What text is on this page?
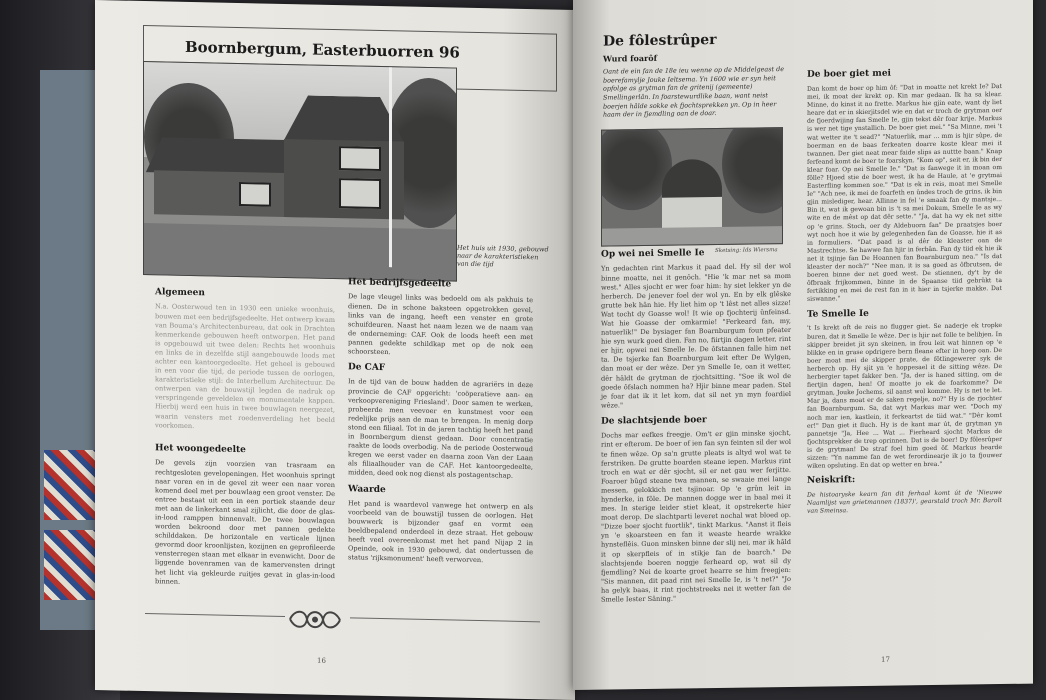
Boornbergum, Easterbuorren 96
Het huis uit 1930, gebouwd naar de karakteristieken van die tijd
Algemeen

N.a. Oosterwoud ten in 1930 een unieke woonhuis, bouwen met een bedrijfsgedeelte. Het ontwerp kwam van Bouma's Architectenbureau, dat ook in Drachten kenmerkende gebouwen heeft ontworpen. Het pand is opgebouwd uit twee delen: Rechts het woonhuis en links de in dezelfde stijl aangebouwde loods met achter een kantoorgedeelte. Het geheel is gebouwd in een voor die tijd, de periode tussen de oorlogen, karakteristieke stijl: de Interbellum Architectuur. De ontwerpen van de bouwstijl legden de nadruk op verspringende geveldelen en monumentale kappen. Hierbij werd een huis in twee bouwlagen neergezet, waarin vensters met roedenverdeling het beeld voorkomen.

Het woongedeelte

De gevels zijn voorzien van trasraam en rechtgesloten gevelopeningen. Het woonhuis springt naar voren en in de gevel zit weer een naar voren komend deel met per bouwlaag een groot venster. De entree bestaat uit een in een portiek staande deur met aan de linkerkant smal zijlicht, die door de glas-in-lood ramppen binnenvalt. De twee bouwlagen worden bekroond door met pannen gedekte schilddaken. De horizontale en verticale lijnen gevormd door kroonlijsten, kozijnen en geprofileerde vensterregen staan met elkaar in evenwicht. Door de liggende bovenramen van de kamervensten dringt het licht via gekleurde ruitjes gevat in glas-in-lood binnen.

Het bedrijfsgedeelte

De lage vleugel links was bedoeld om als pakhuis te dienen. De in schone baksteen opgetrokken gevel, links van de ingang, heeft een venster en grote schuifdeuren. Naast het naam lezen we de naam van de onderneming: CAF. Ook de loods heeft een met pannen gedekte schildkap met op de nok een schoorsteen.

De CAF

In de tijd van de bouw hadden de agrariërs in deze provincie de CAF opgericht: 'coöperatieve aan- en verkoopvereniging Friesland'. Door samen te werken, probeerde men veevoer en kunstmest voor een redelijke prijs aan de man te brengen. In menig dorp stond een filiaal. Tot in de jaren tachtig heeft het pand in Boornbergum dienst gedaan. Door concentratie raakte de loods overbodig. Na de periode Oosterwoud kregen we eerst vader en daarna zoon Van der Laan als filiaalhouder van de CAF. Het kantoorgedeelte, midden, deed ook nog dienst als postagentschap.

Waarde

Het pand is waardevol vanwege het ontwerp en als voorbeeld van de bouwstijl tussen de oorlogen. Het bouwwerk is bijzonder gaaf en vormt een beeldbepalend onderdeel in deze straat. Het gebouw heeft veel overeenkomst met het pand Nijap 2 in Opeinde, ook in 1930 gebouwd, dat ondertussen de status 'rijksmonument' heeft verworven.

16
De fôlestrûper
Wurd foarôf
Oant de ein fan de 18e ieu wenne op de Middelgeast de boerefamylje Jouke Ieltsema. Yn 1600 wie er syn heit opfolge as grytman fan de gritenij (gemeente) Smellingerlân. In foarstewurdlike baan, want neist boerjen hâlde sokke ek fjochtsprekken yn. Op in heer haam der in fjemdling oan de doar.
Sketsing: Ids Wiersma
Op wei nei Smelle Ie

Yn gedachten rint Markus it paad del. Hy sil der wol binne moatte, nei it genôch. "Hie 'k mar net sa mom west." Alles sjocht er wer foar him: hy siet lekker yn de herberch. De jenever foel der wol yn. En by elk glêske grutte bek hân hie. Hy liet him op 't lêst net alles sizze! Wat tocht dy Goasse wol! It wie op fjochterij ûnfeinsd. Wat hie Goasse der omkarmie! "Ferkeard fan, my, natuerlik!" De bysiager fan Boarnburgum foun pfeater hie syn wurk goed dien. Fan no, fiirtjin dagen letter, rint er hjir, opwei nei Smelle Ie. De ôfstannen falle him net ta. De tsjerke fan Boarnburgum leit efter De Wylgen, dan moat er der wêze. Der yn Smelle Ie, oan it wetter, dêr hâldt de grytman de rjochtsitting. "Soe ik wol de goede ôfslach nommen ha? Hjir binne mear paden. Stel je foar dat ik it let kom, dat sil net yn myn foardiel wêze."

De slachtsjende boer

Dochs mar eefkes freegje. Om't er gjin minske sjocht, rint er efterom. De boer of ien fan syn feinten sil der wol te finen wêze. Op sa'n grutte pleats is altyd wol wat te ferstriken. De grutte boarden steane iepen. Markus rint troch en wat er dêr sjocht, sil er net gau wer ferjitte. Foaroer bûgd steane twa mannen, se swaaie mei lange messen, gelokkich net tsjinoar. Op 'e grûn leit in hynderke, in fôle. De mannen dogge wer in baal mei it mes. In sterige leider stiet kleat, it opstrekerte hier moat derop. De slachtparti leveret nochal wat bloed op. "Dizze boer sjocht fuortlik", tinkt Markus. "Aanst it fleis yn 'e skoarsteen en fan it weaste hearde wrakke hynsteflêis. Guon minsken binne der slij nei, mar ik hâld it op skerpfleis of in stikje fan de baarch." De slachtsjende boeren noggje ferheard op, wat sil dy fjemdling? Nei de koarte groet hearre se him freegjen: "Sis mannen, dit paad rint nei Smelle Ie, is 't net?" "Jo ha gelyk baas, it rint rjochtstreeks nei it wetter fan de Smelle Iester Sâning."

De boer giet mei

Dan komt de boer op him ôf: "Dat in moatte net krekt Ie? Dat mei, ik moat der krekt op. Kin mar gedaan. Ik ha sa klear. Minne, do kinst it no frette. Markus hie gjin eate, want dy liet heare dat er in skierjitsdel wie en dat er troch de grytman oer de fjoerdwijing fan Smelle Ie, gjin tekst dêr foar krije. Markus is wer net tige ynstallich. De boer giet mei." "Sa Minne, mei 't wat wetter ite 't sead?" "Natuerlik, mar ... mm is hjir sûpe, de boerman en de baas ferkeaten doarre koste klear mei it twannen. Der giet neat mear faide slips as nuttte baan." Knap ferfeand komt de boer te foarskyn. "Kom op", seit er, ik bin der klear foar. Op nei Smelle Ie." "Dat is fanwege it in moan om fôlle? Hjoed stie de boer west, ik ha de Haule, at 'e grytmai Easterfling kommen soe." "Dat is ek in reis, moat mei Smelle Ie" "Ach nee, ik mei de foarfeth en ûndes troch de grins, ik bin gjin mislediger, hear. Allinne in fel 'e smaak fan dy mantsje... Bin it, wat ik gewoan bin is 't sa mei Dokum, Smelle Ie as wy wite en de mêst op dat dêr sette." "Ja, dat ha wy ek net sitte op 'e grins. Stoch, oer dy Aldebuorn fan" De praatsjes boer wyt noch hoe it wie by gelegenheden fan de Goasse, hie it as in formuliers. "Dat paad is al dêr de kleaster oan de Mastrechtse. Se hawwe fan hjir in ferbân. Fan dy tiid ek hie ik net it tsjinje fan De Hoannen fan Boarnburgum nea." "Is dat kleaster der noch?" "Nee man, it is sa goed as ôfbrutsen, de boeren binne der net goed west. De stiennen, dy't by de ôfbraak frijkommen, binne in de Spaanse tiid gebrûkt ta fertikking en mei de rest fan in it hier in tsjerke makke. Dat siswanne."

Te Smelle Ie

't Is krekt oft de reis no flugger giet. Se naderje ek tropke buren, dat it Smelle Ie wêze. Der is hjir net folle te belibjen. In skipper breidet jit syn skeinen, in frou leit wat hinnen op 'e blikke en in grase opdrigere bern fleane efter in hoep oan. De boer moat mei de skipper prate, de fôtlingewerer syk de herberch op. Hy sjit yn 'e hoppesael it de sitting wêze. De herbergier tapet fakker ben. "Ja, der is haned sitting, om de fiertjin dagen, hen! Of moatte jo ek de foarkomme? De grytman, Jouke Jochems, sil aanst wol komme. Hy is net te let. Mar ja, dans moat er de saken regelje, no?" Hy is de rjochter fan Boarnburgum. Sa, dat wyt Markus mar wer. "Doch my noch mar ien, kastlein, it ferkeartst de tiid wat." "Dêr komt er!" Dan giet it fluch. Hy is de kant mar út, de grytman yn pannetsje "Ja, Hee ... Wat ... Fierheard sjocht Markus de fjochtsprekker de trep oprinnen. Dat is de boer! Dy fôlesrûper is de grytman! De straf foel him goed ôf. Markus hearde sizzen: "Yn namme fan de wet ferordinearje ik jo ta fjouwer wiken opsluting. En dat op wetter en brea."

Neiskrift:

De histoaryske kearn fan dit ferhaal komt út de 'Nieuwe Naamlijst van grietmannen (1837)', gearstald troch Mr. Barolt van Smeinsa.

17
